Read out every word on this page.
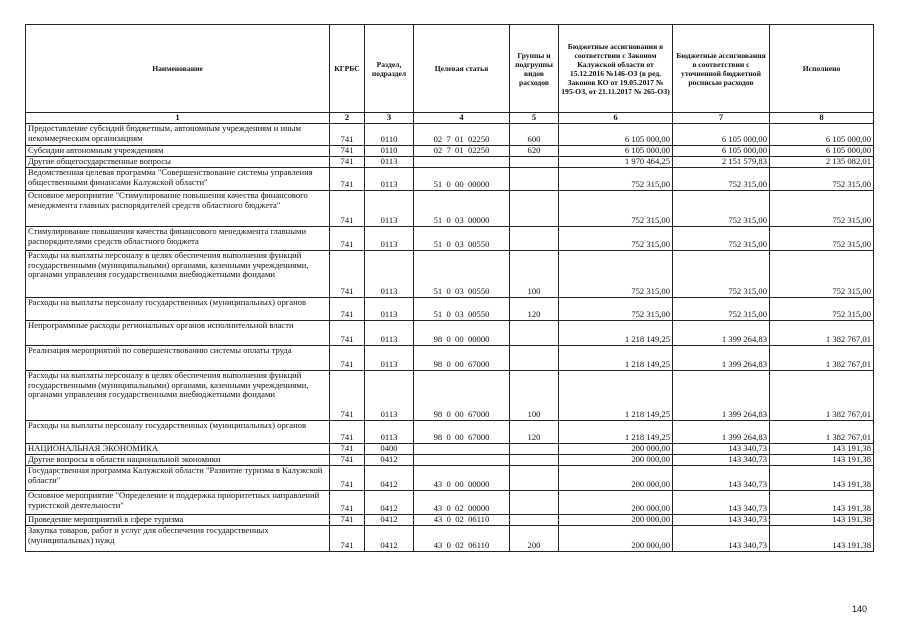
Наименование	КГРБС	Раздел, подраздел	Целевая статья	Группы и подгруппы видов расходов	Бюджетные ассигнования в соответствии с Законом Калужской области от 15.12.2016 №146-ОЗ (в ред. Законов КО от 19.05.2017 № 195-ОЗ, от 21.11.2017 № 265-ОЗ)	Бюджетные ассигнования в соответствии с уточненной бюджетной росписью расходов	Исполнено
1	2	3	4	5	6	7	8
Предоставление субсидий бюджетным, автономным учреждениям и иным некоммерческим организациям	741	0110	02  7  01  02250	600	6 105 000,00	6 105 000,00	6 105 000,00
Субсидии автономным учреждениям	741	0110	02  7  01  02250	620	6 105 000,00	6 105 000,00	6 105 000,00
Другие общегосударственные вопросы	741	0113			1 970 464,25	2 151 579,83	2 135 082,01
Ведомственная целевая программа "Совершенствование системы управления общественными финансами Калужской области"	741	0113	51  0  00  00000		752 315,00	752 315,00	752 315,00
Основное мероприятие "Стимулирование повышения качества финансового менеджмента главных распорядителей средств областного бюджета"	741	0113	51  0  03  00000		752 315,00	752 315,00	752 315,00
Стимулирование повышения качества финансового менеджмента главными распорядителями средств областного бюджета	741	0113	51  0  03  00550		752 315,00	752 315,00	752 315,00
Расходы на выплаты персоналу в целях обеспечения выполнения функций государственными (муниципальными) органами, казенными учреждениями, органами управления государственными внебюджетными фондами	741	0113	51  0  03  00550	100	752 315,00	752 315,00	752 315,00
Расходы на выплаты персоналу государственных (муниципальных) органов	741	0113	51  0  03  00550	120	752 315,00	752 315,00	752 315,00
Непрограммные расходы региональных органов исполнительной власти	741	0113	98  0  00  00000		1 218 149,25	1 399 264,83	1 382 767,01
Реализация мероприятий по совершенствованию системы оплаты труда	741	0113	98  0  00  67000		1 218 149,25	1 399 264,83	1 382 767,01
Расходы на выплаты персоналу в целях обеспечения выполнения функций государственными (муниципальными) органами, казенными учреждениями, органами управления государственными внебюджетными фондами	741	0113	98  0  00  67000	100	1 218 149,25	1 399 264,83	1 382 767,01
Расходы на выплаты персоналу государственных (муниципальных) органов	741	0113	98  0  00  67000	120	1 218 149,25	1 399 264,83	1 382 767,01
НАЦИОНАЛЬНАЯ ЭКОНОМИКА	741	0400			200 000,00	143 340,73	143 191,38
Другие вопросы в области национальной экономики	741	0412			200 000,00	143 340,73	143 191,38
Государственная программа Калужской области "Развитие туризма в Калужской области"	741	0412	43  0  00  00000		200 000,00	143 340,73	143 191,38
Основное мероприятие "Определение и поддержка приоритетных направлений туристской деятельности"	741	0412	43  0  02  00000		200 000,00	143 340,73	143 191,38
Проведение мероприятий в сфере туризма	741	0412	43  0  02  06110		200 000,00	143 340,73	143 191,38
Закупка товаров, работ и услуг для обеспечения государственных (муниципальных) нужд	741	0412	43  0  02  06110	200	200 000,00	143 340,73	143 191,38
140
